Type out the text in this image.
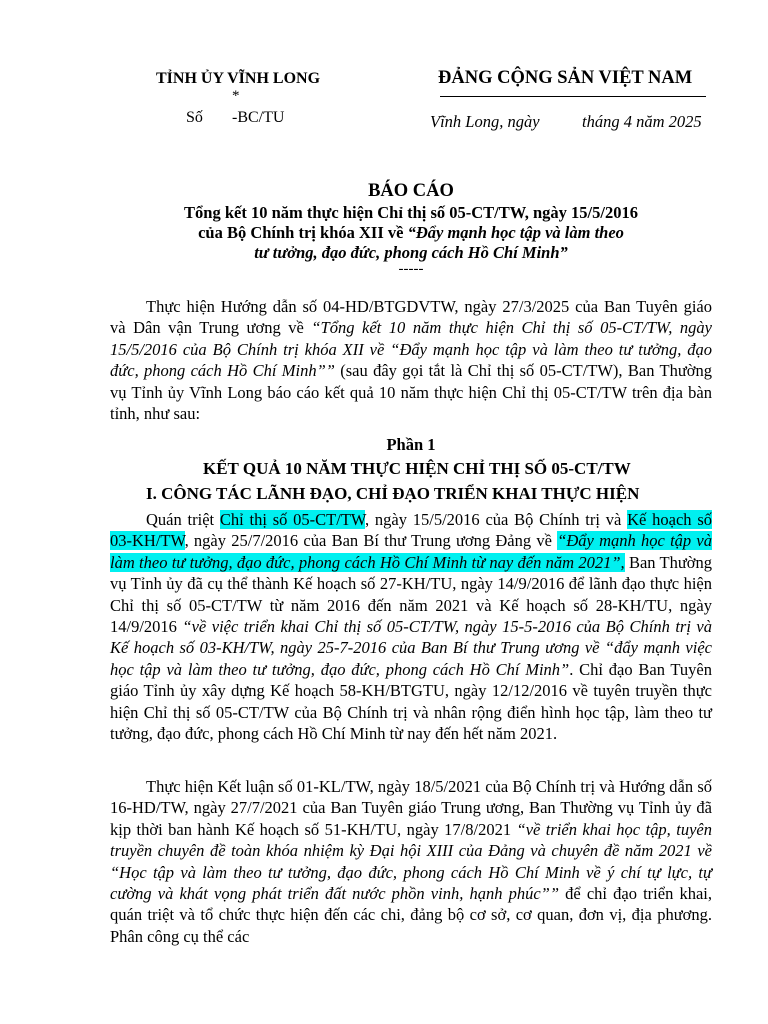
TỈNH ỦY VĨNH LONG
*
Số -BC/TU
ĐẢNG CỘNG SẢN VIỆT NAM
Vĩnh Long, ngày	tháng 4 năm 2025
BÁO CÁO
Tổng kết 10 năm thực hiện Chỉ thị số 05-CT/TW, ngày 15/5/2016
của Bộ Chính trị khóa XII về “Đẩy mạnh học tập và làm theo
tư tưởng, đạo đức, phong cách Hồ Chí Minh”
-----

Thực hiện Hướng dẫn số 04-HD/BTGDVTW, ngày 27/3/2025 của Ban Tuyên giáo và Dân vận Trung ương về “Tổng kết 10 năm thực hiện Chỉ thị số 05-CT/TW, ngày 15/5/2016 của Bộ Chính trị khóa XII về “Đẩy mạnh học tập và làm theo tư tưởng, đạo đức, phong cách Hồ Chí Minh”” (sau đây gọi tắt là Chỉ thị số 05-CT/TW), Ban Thường vụ Tỉnh ủy Vĩnh Long báo cáo kết quả 10 năm thực hiện Chỉ thị 05-CT/TW trên địa bàn tỉnh, như sau:

Phần 1
KẾT QUẢ 10 NĂM THỰC HIỆN CHỈ THỊ SỐ 05-CT/TW
I. CÔNG TÁC LÃNH ĐẠO, CHỈ ĐẠO TRIỂN KHAI THỰC HIỆN

Quán triệt Chỉ thị số 05-CT/TW, ngày 15/5/2016 của Bộ Chính trị và Kế hoạch số 03-KH/TW, ngày 25/7/2016 của Ban Bí thư Trung ương Đảng về “Đẩy mạnh học tập và làm theo tư tưởng, đạo đức, phong cách Hồ Chí Minh từ nay đến năm 2021”, Ban Thường vụ Tỉnh ủy đã cụ thể thành Kế hoạch số 27-KH/TU, ngày 14/9/2016 để lãnh đạo thực hiện Chỉ thị số 05-CT/TW từ năm 2016 đến năm 2021 và Kế hoạch số 28-KH/TU, ngày 14/9/2016 “về việc triển khai Chỉ thị số 05-CT/TW, ngày 15-5-2016 của Bộ Chính trị và Kế hoạch số 03-KH/TW, ngày 25-7-2016 của Ban Bí thư Trung ương về “đẩy mạnh việc học tập và làm theo tư tưởng, đạo đức, phong cách Hồ Chí Minh”. Chỉ đạo Ban Tuyên giáo Tỉnh ủy xây dựng Kế hoạch 58-KH/BTGTU, ngày 12/12/2016 về tuyên truyền thực hiện Chỉ thị số 05-CT/TW của Bộ Chính trị và nhân rộng điển hình học tập, làm theo tư tưởng, đạo đức, phong cách Hồ Chí Minh từ nay đến hết năm 2021.

Thực hiện Kết luận số 01-KL/TW, ngày 18/5/2021 của Bộ Chính trị và Hướng dẫn số 16-HD/TW, ngày 27/7/2021 của Ban Tuyên giáo Trung ương, Ban Thường vụ Tỉnh ủy đã kịp thời ban hành Kế hoạch số 51-KH/TU, ngày 17/8/2021 “về triển khai học tập, tuyên truyền chuyên đề toàn khóa nhiệm kỳ Đại hội XIII của Đảng và chuyên đề năm 2021 về “Học tập và làm theo tư tưởng, đạo đức, phong cách Hồ Chí Minh về ý chí tự lực, tự cường và khát vọng phát triển đất nước phồn vinh, hạnh phúc”” để chỉ đạo triển khai, quán triệt và tổ chức thực hiện đến các chi, đảng bộ cơ sở, cơ quan, đơn vị, địa phương. Phân công cụ thể các
